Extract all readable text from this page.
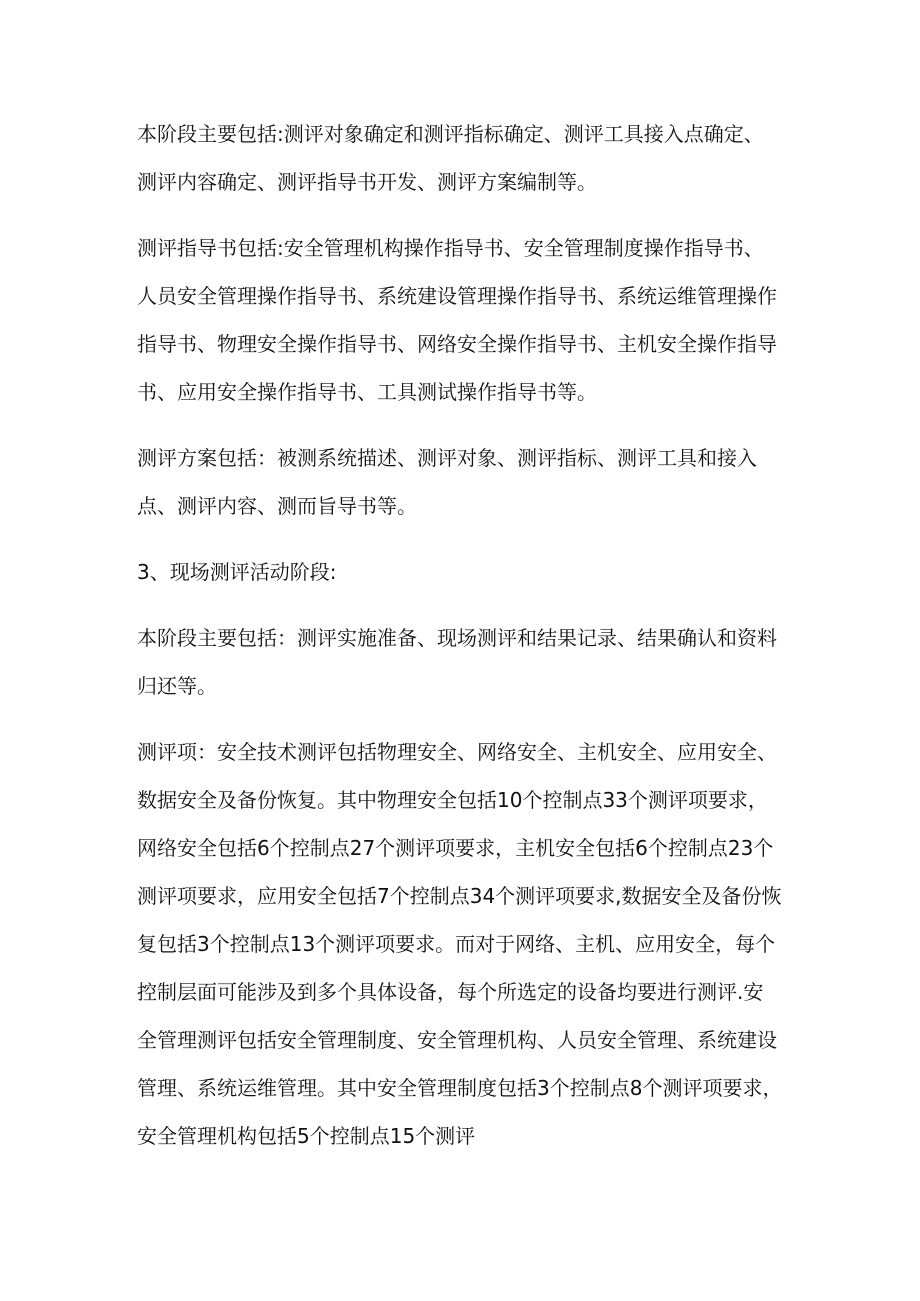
本阶段主要包括:测评对象确定和测评指标确定、测评工具接入点确定、
测评内容确定、测评指导书开发、测评方案编制等。

测评指导书包括:安全管理机构操作指导书、安全管理制度操作指导书、
人员安全管理操作指导书、系统建设管理操作指导书、系统运维管理操作
指导书、物理安全操作指导书、网络安全操作指导书、主机安全操作指导
书、应用安全操作指导书、工具测试操作指导书等。

测评方案包括：被测系统描述、测评对象、测评指标、测评工具和接入
点、测评内容、测而旨导书等。

3、现场测评活动阶段:

本阶段主要包括：测评实施准备、现场测评和结果记录、结果确认和资料
归还等。

测评项：安全技术测评包括物理安全、网络安全、主机安全、应用安全、
数据安全及备份恢复。其中物理安全包括10个控制点33个测评项要求，
网络安全包括6个控制点27个测评项要求，主机安全包括6个控制点23个
测评项要求，应用安全包括7个控制点34个测评项要求,数据安全及备份恢
复包括3个控制点13个测评项要求。而对于网络、主机、应用安全，每个
控制层面可能涉及到多个具体设备，每个所选定的设备均要进行测评.安
全管理测评包括安全管理制度、安全管理机构、人员安全管理、系统建设
管理、系统运维管理。其中安全管理制度包括3个控制点8个测评项要求，
安全管理机构包括5个控制点15个测评
